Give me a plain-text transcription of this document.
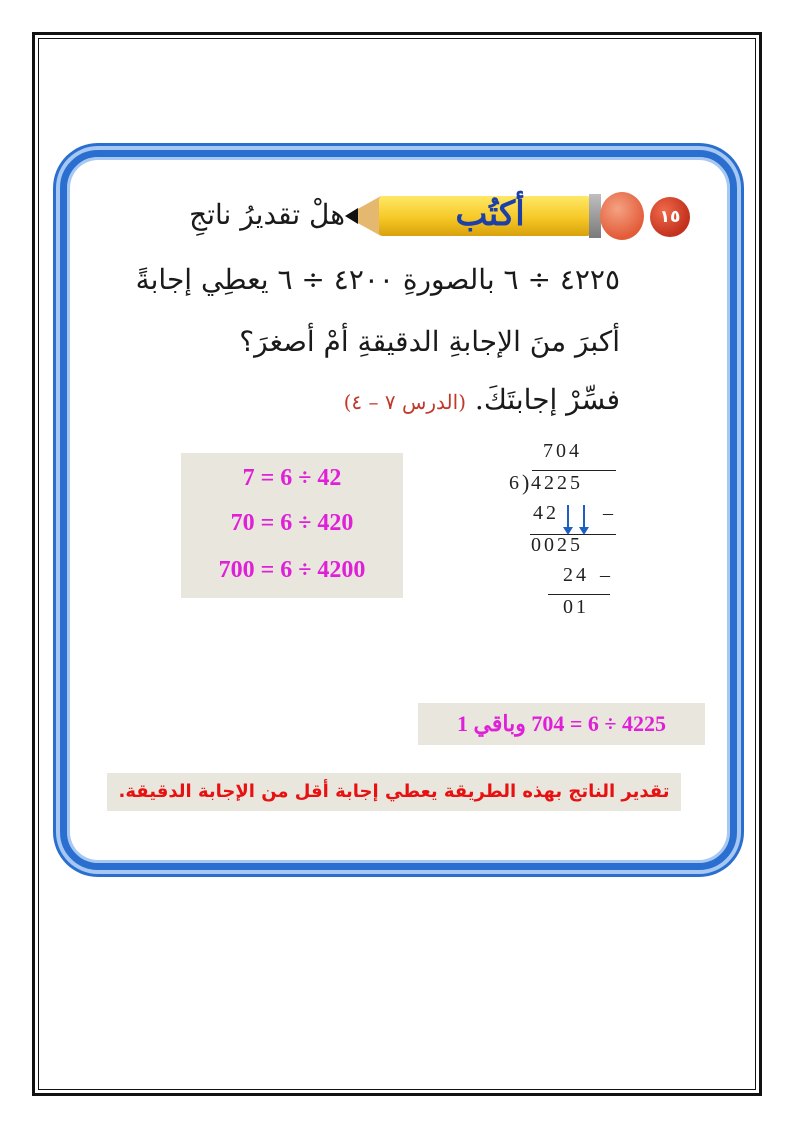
١٥
أكتُب
هلْ تقديرُ ناتجِ
٤٢٢٥ ÷ ٦ بالصورةِ ٤٢٠٠ ÷ ٦ يعطِي إجابةً
أكبرَ منَ الإجابةِ الدقيقةِ أمْ أصغرَ؟
فسِّرْ إجابتَكَ. (الدرس ٧ – ٤)
7 = 6 ÷ 42
70 = 6 ÷ 420
700 = 6 ÷ 4200
704
6 ) 4225
42 –
0025
24 –
01
4225 ÷ 6 = 704 وباقي 1
تقدير الناتج بهذه الطريقة يعطي إجابة أقل من الإجابة الدقيقة.
